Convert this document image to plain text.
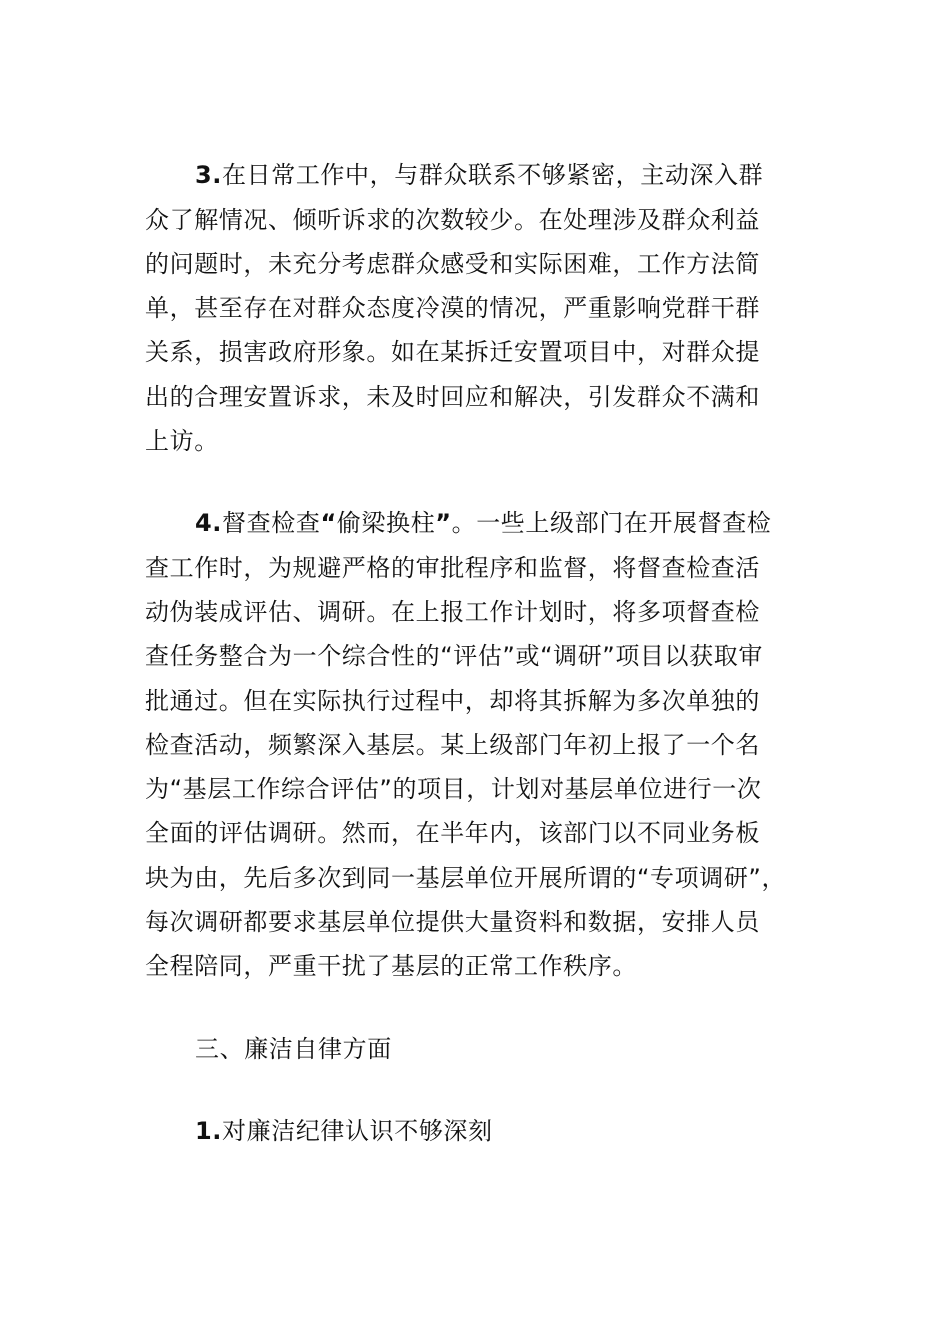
3.在日常工作中，与群众联系不够紧密，主动深入群
众了解情况、倾听诉求的次数较少。在处理涉及群众利益
的问题时，未充分考虑群众感受和实际困难，工作方法简
单，甚至存在对群众态度冷漠的情况，严重影响党群干群
关系，损害政府形象。如在某拆迁安置项目中，对群众提
出的合理安置诉求，未及时回应和解决，引发群众不满和
上访。
4.督查检查“偷梁换柱”。一些上级部门在开展督查检
查工作时，为规避严格的审批程序和监督，将督查检查活
动伪装成评估、调研。在上报工作计划时，将多项督查检
查任务整合为一个综合性的“评估”或“调研”项目以获取审
批通过。但在实际执行过程中，却将其拆解为多次单独的
检查活动，频繁深入基层。某上级部门年初上报了一个名
为“基层工作综合评估”的项目，计划对基层单位进行一次
全面的评估调研。然而，在半年内，该部门以不同业务板
块为由，先后多次到同一基层单位开展所谓的“专项调研”，
每次调研都要求基层单位提供大量资料和数据，安排人员
全程陪同，严重干扰了基层的正常工作秩序。
三、廉洁自律方面
1.对廉洁纪律认识不够深刻
